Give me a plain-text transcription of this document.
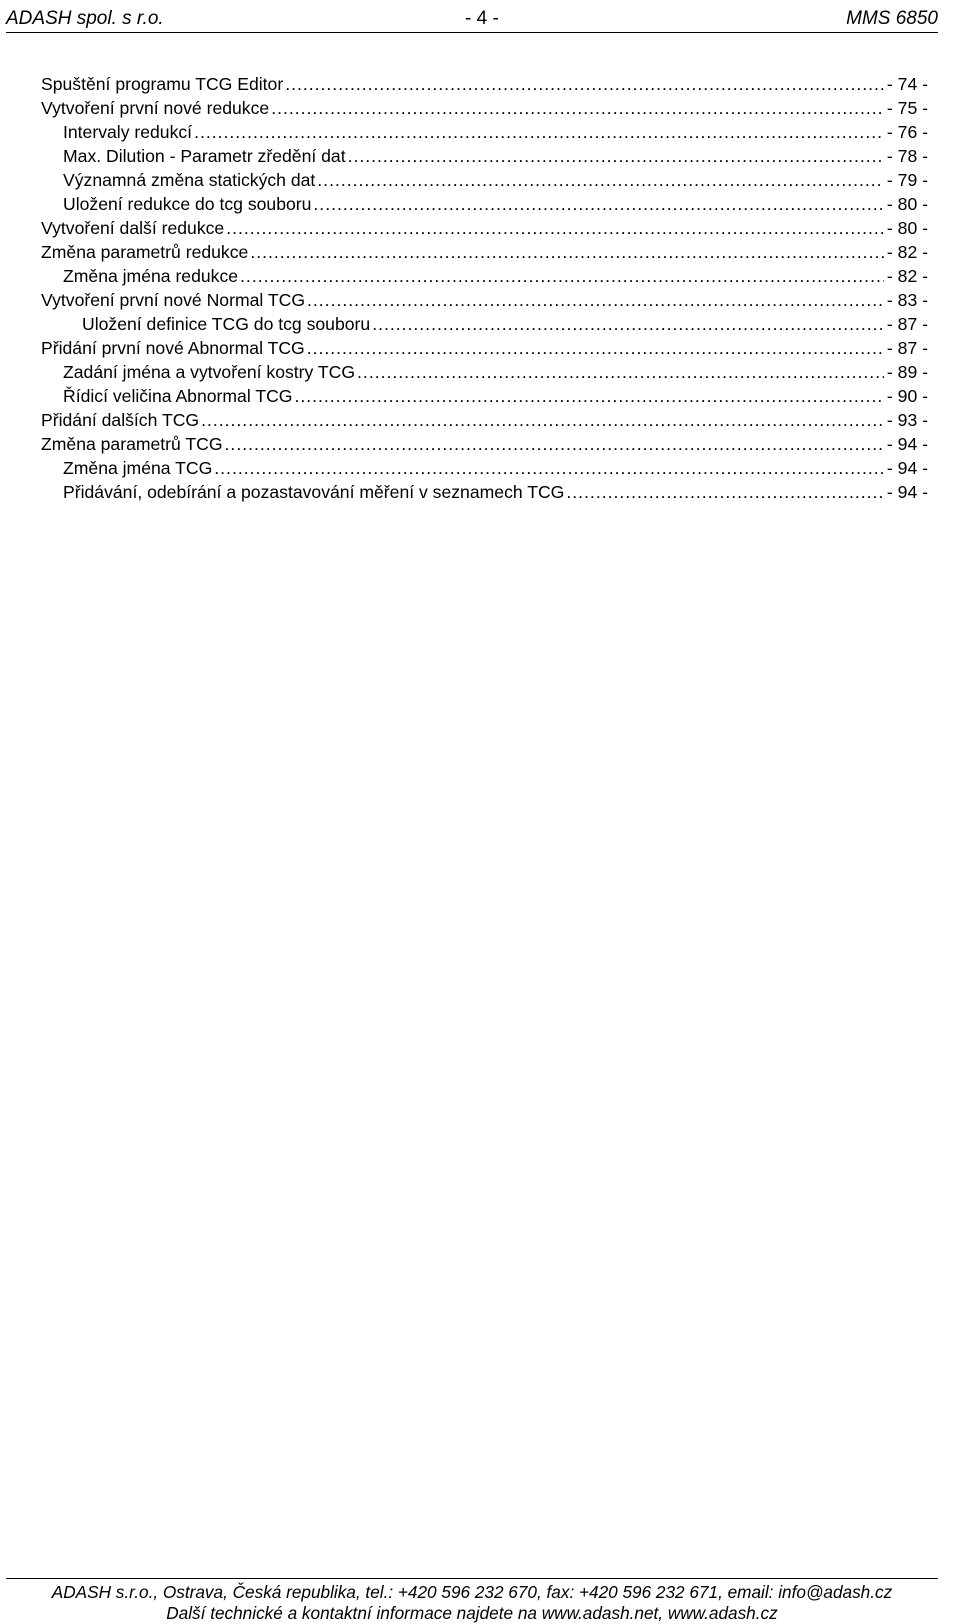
ADASH spol. s r.o.	- 4 -	MMS 6850
Spuštění programu TCG Editor .....	- 74 -
Vytvoření první nové redukce .....	- 75 -
Intervaly redukcí .....	- 76 -
Max. Dilution - Parametr zředění dat .....	- 78 -
Významná změna statických dat .....	- 79 -
Uložení redukce do tcg souboru .....	- 80 -
Vytvoření další redukce .....	- 80 -
Změna parametrů redukce .....	- 82 -
Změna jména redukce .....	- 82 -
Vytvoření první nové Normal TCG .....	- 83 -
Uložení definice TCG do tcg souboru .....	- 87 -
Přidání první nové Abnormal TCG .....	- 87 -
Zadání jména a vytvoření kostry TCG .....	- 89 -
Řídicí veličina Abnormal TCG .....	- 90 -
Přidání dalších TCG .....	- 93 -
Změna parametrů TCG .....	- 94 -
Změna jména TCG .....	- 94 -
Přidávání, odebírání a pozastavování měření v seznamech TCG .....	- 94 -
ADASH s.r.o., Ostrava, Česká republika, tel.: +420 596 232 670, fax: +420 596 232 671, email: info@adash.cz
Další technické a kontaktní informace najdete na www.adash.net, www.adash.cz
